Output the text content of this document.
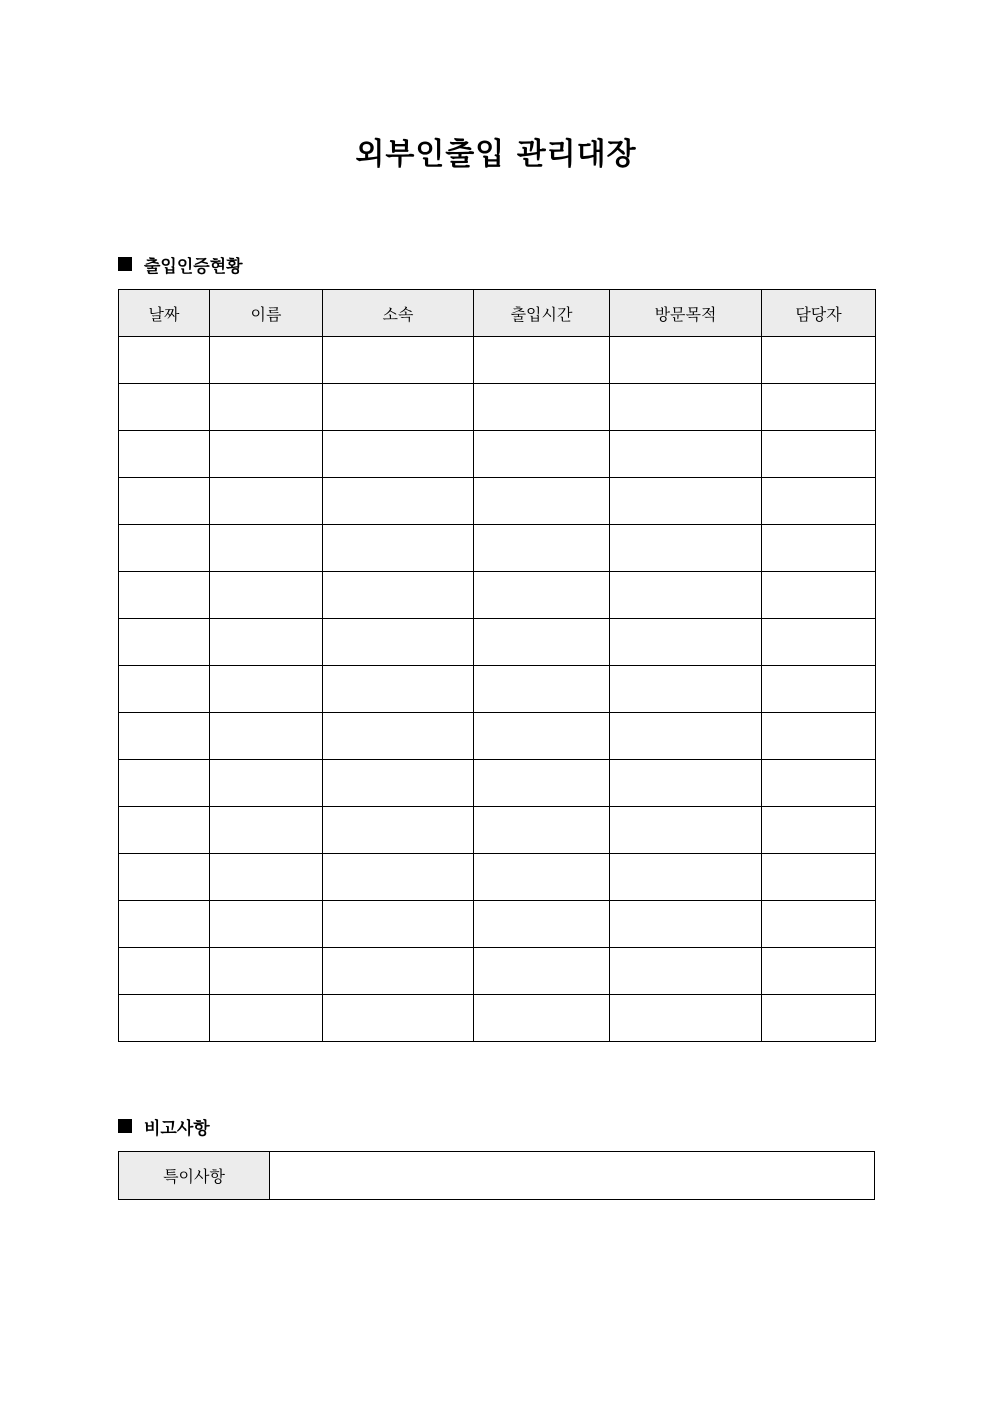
외부인출입 관리대장
출입인증현황
날짜	이름	소속	출입시간	방문목적	담당자

비고사항
특이사항	
